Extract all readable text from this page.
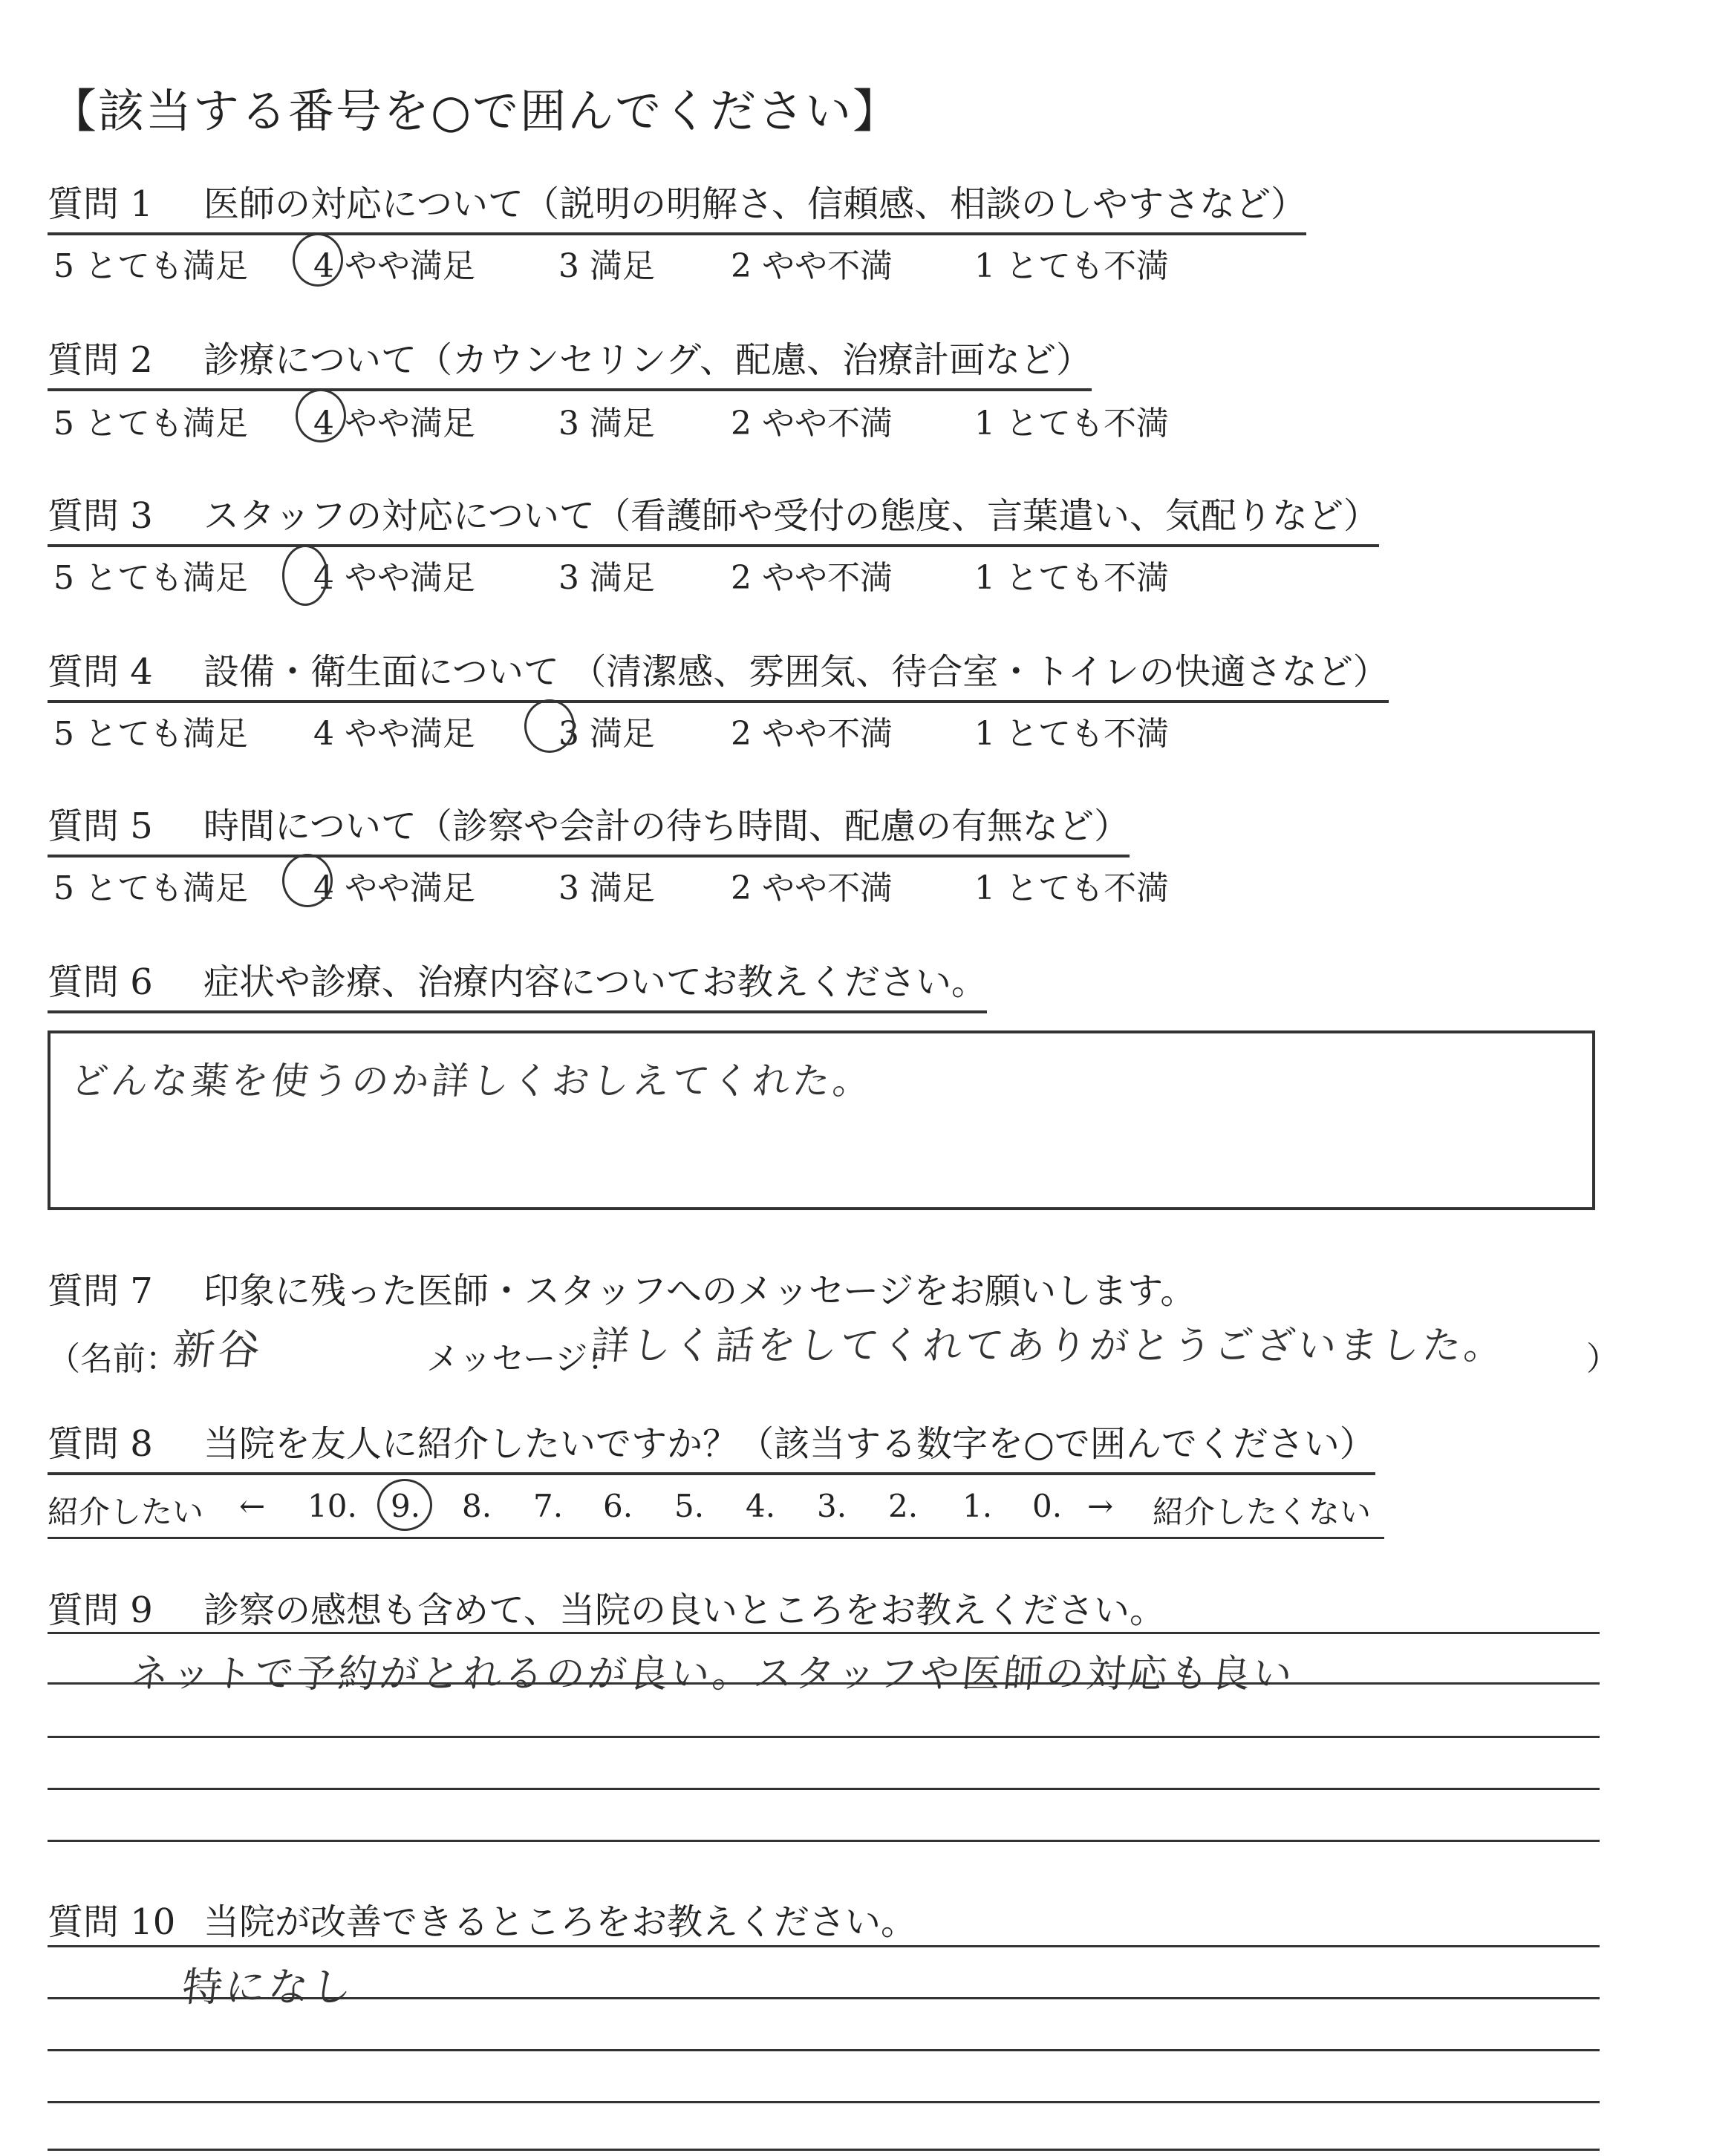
【該当する番号を○で囲んでください】
質問 1 医師の対応について（説明の明解さ、信頼感、相談のしやすさなど）
5 とても満足 4 やや満足	3 満足 2 やや不満	1 とても不満
質問 2 診療について（カウンセリング、配慮、治療計画など）
5 とても満足 4 やや満足	3 満足 2 やや不満	1 とても不満
質問 3 スタッフの対応について（看護師や受付の態度、言葉遣い、気配りなど）
5 とても満足 4 やや満足	3 満足 2 やや不満	1 とても不満
質問 4 設備・衛生面について （清潔感、雰囲気、待合室・トイレの快適さなど）
5 とても満足 4 やや満足	3 満足 2 やや不満	1 とても不満
質問 5 時間について（診察や会計の待ち時間、配慮の有無など）
5 とても満足 4 やや満足	3 満足 2 やや不満	1 とても不満
質問 6 症状や診療、治療内容についてお教えください。
どんな薬を使うのか詳しくおしえてくれた。
質問 7 印象に残った医師・スタッフへのメッセージをお願いします。
（名前：
新谷	メッセージ：
詳しく話をしてくれてありがとうございました。 ）
質問 8 当院を友人に紹介したいですか？（該当する数字を○で囲んでください）
紹介したい ← 10. 9. 8. 7. 6. 5. 4. 3. 2. 1. 0. → 紹介したくない
質問 9 診察の感想も含めて、当院の良いところをお教えください。
ネットで予約がとれるのが良い。スタッフや医師の対応も良い
質問 10 当院が改善できるところをお教えください。
特になし
